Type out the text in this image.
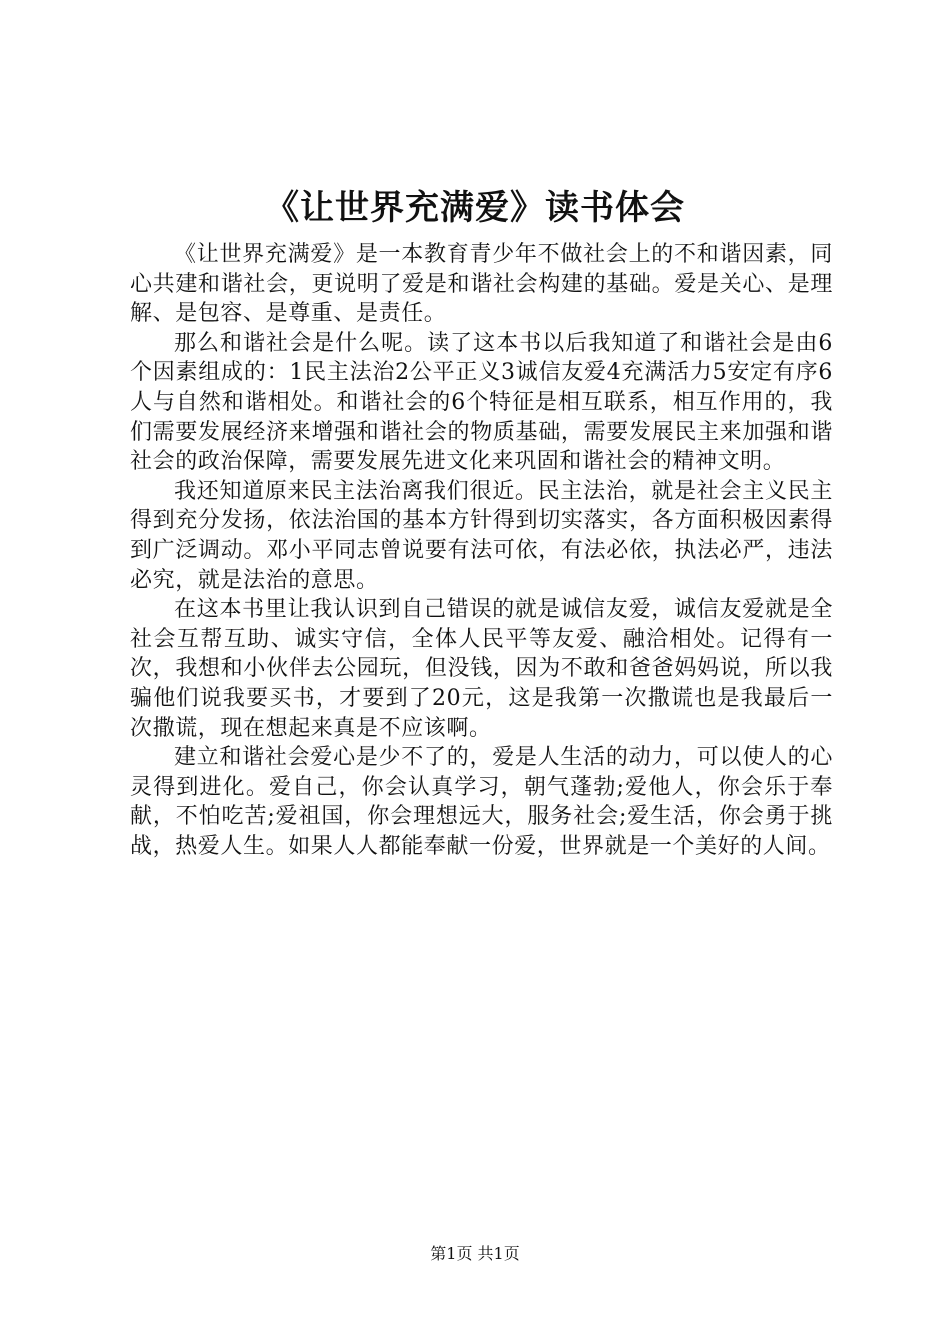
《让世界充满爱》读书体会

《让世界充满爱》是一本教育青少年不做社会上的不和谐因素，同心共建和谐社会，更说明了爱是和谐社会构建的基础。爱是关心、是理解、是包容、是尊重、是责任。

那么和谐社会是什么呢。读了这本书以后我知道了和谐社会是由6个因素组成的：1民主法治2公平正义3诚信友爱4充满活力5安定有序6人与自然和谐相处。和谐社会的6个特征是相互联系，相互作用的，我们需要发展经济来增强和谐社会的物质基础，需要发展民主来加强和谐社会的政治保障，需要发展先进文化来巩固和谐社会的精神文明。

我还知道原来民主法治离我们很近。民主法治，就是社会主义民主得到充分发扬，依法治国的基本方针得到切实落实，各方面积极因素得到广泛调动。邓小平同志曾说要有法可依，有法必依，执法必严，违法必究，就是法治的意思。

在这本书里让我认识到自己错误的就是诚信友爱，诚信友爱就是全社会互帮互助、诚实守信，全体人民平等友爱、融洽相处。记得有一次，我想和小伙伴去公园玩，但没钱，因为不敢和爸爸妈妈说，所以我骗他们说我要买书，才要到了20元，这是我第一次撒谎也是我最后一次撒谎，现在想起来真是不应该啊。

建立和谐社会爱心是少不了的，爱是人生活的动力，可以使人的心灵得到进化。爱自己，你会认真学习，朝气蓬勃;爱他人，你会乐于奉献，不怕吃苦;爱祖国，你会理想远大，服务社会;爱生活，你会勇于挑战，热爱人生。如果人人都能奉献一份爱，世界就是一个美好的人间。

第1页 共1页
